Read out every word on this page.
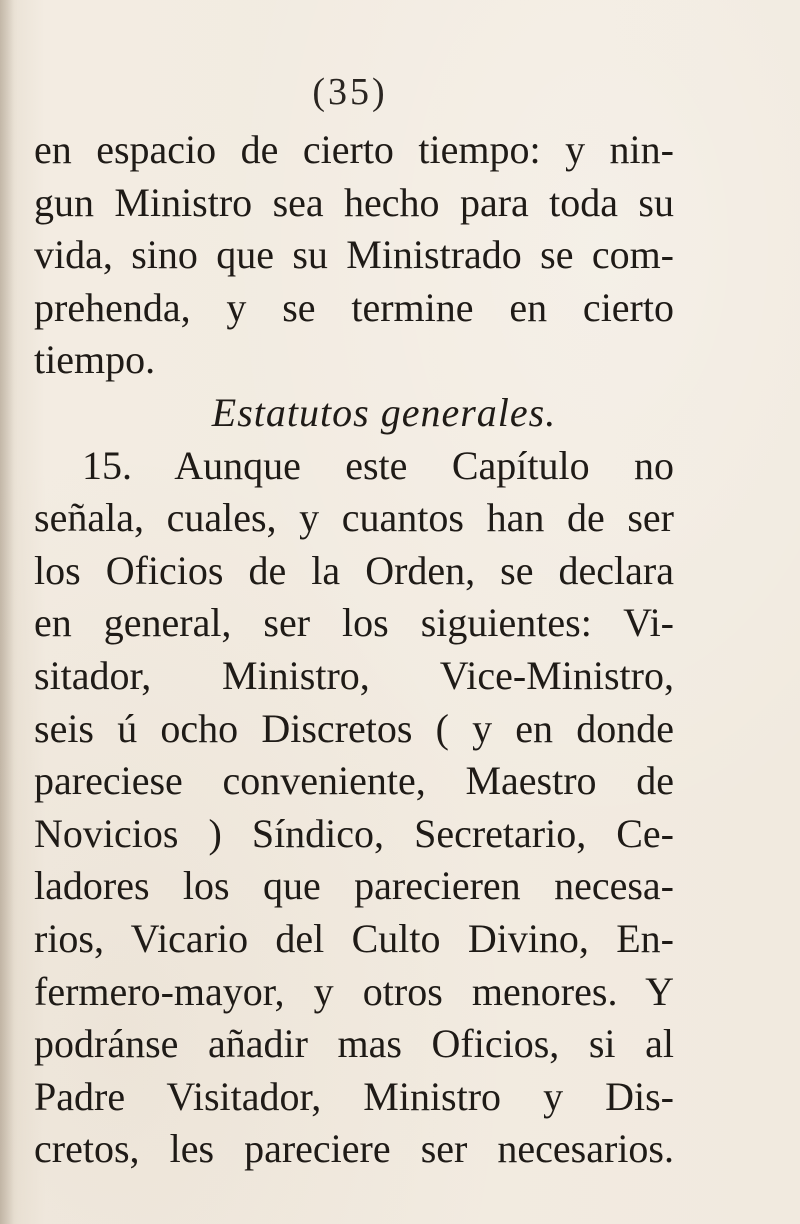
(35)
en espacio de cierto tiempo: y nin-
gun Ministro sea hecho para toda su
vida, sino que su Ministrado se com-
prehenda, y se termine en cierto
tiempo.
Estatutos generales.
15. Aunque este Capítulo no
señala, cuales, y cuantos han de ser
los Oficios de la Orden, se declara
en general, ser los siguientes: Vi-
sitador, Ministro, Vice-Ministro,
seis ú ocho Discretos ( y en donde
pareciese conveniente, Maestro de
Novicios ) Síndico, Secretario, Ce-
ladores los que parecieren necesa-
rios, Vicario del Culto Divino, En-
fermero-mayor, y otros menores. Y
podránse añadir mas Oficios, si al
Padre Visitador, Ministro y Dis-
cretos, les pareciere ser necesarios.
